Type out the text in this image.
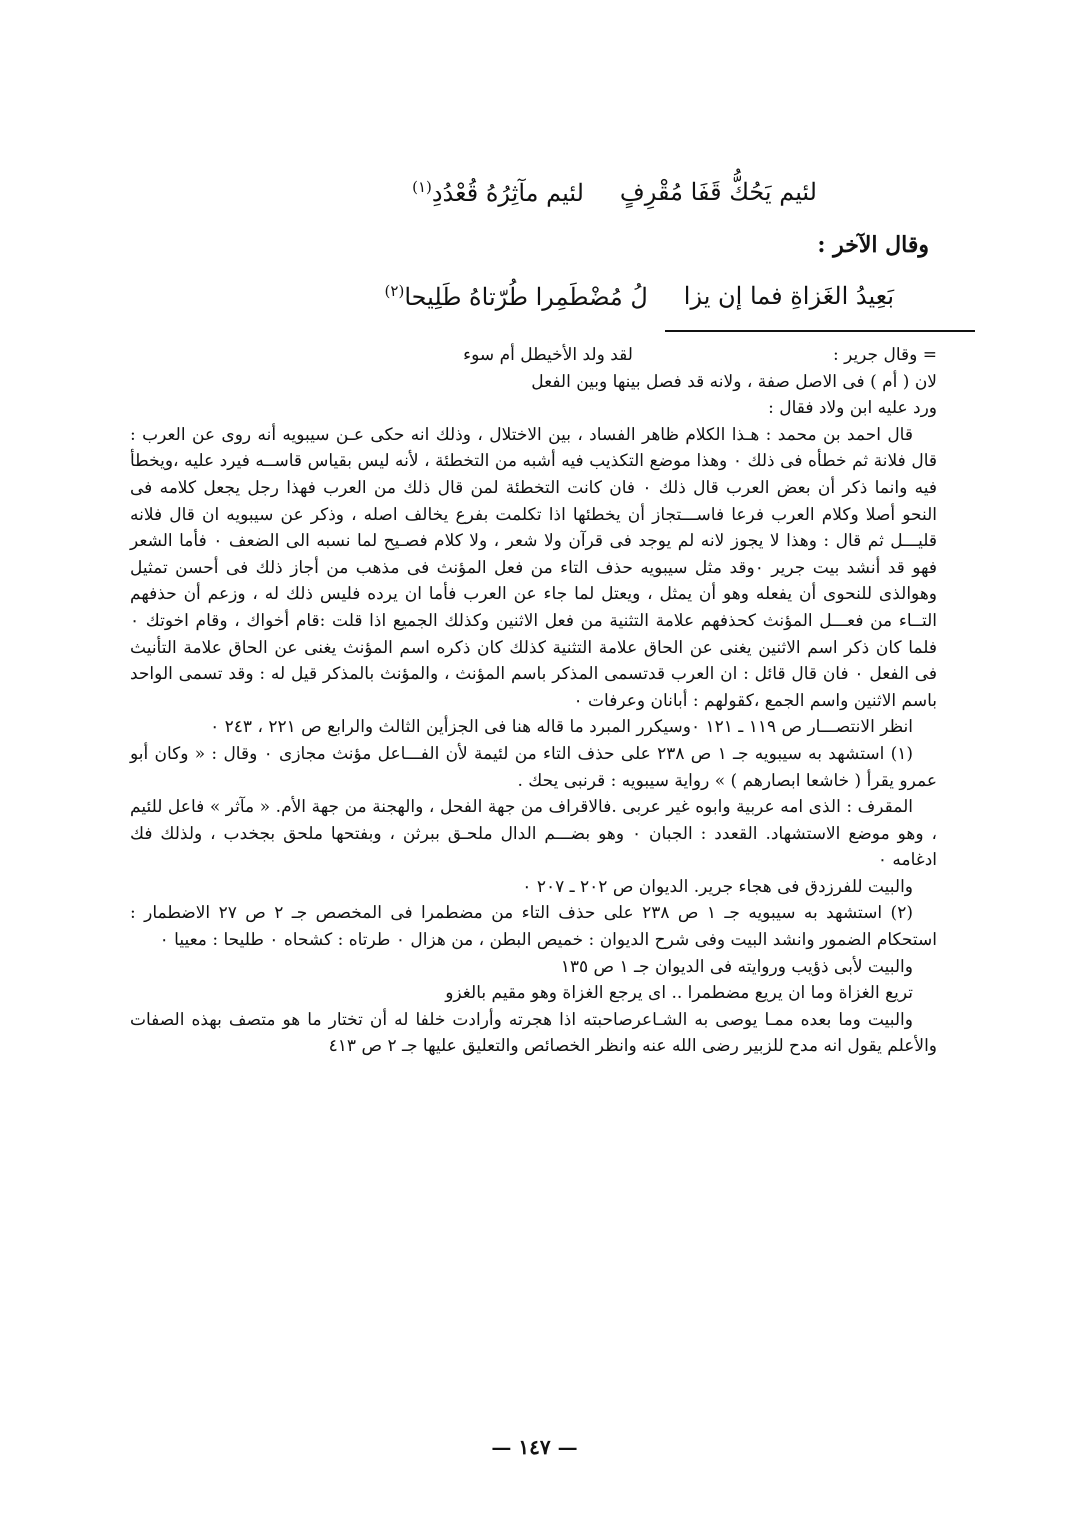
لئيم يَحُكُّ قَفَا مُقْرِفٍ
لئيم مآثِرُهُ قُعْدُدِ$^{(١)}$
وقال الآخر :
بَعِيدُ الغَزاةِ فما إن يزا
لُ مُضْطَمِرا طُرّتاهُ طَلِيحا$^{(٢)}$

= وقال جرير :
لقد ولد الأخيطل أم سوء

لان ( أم ) فى الاصل صفة ، ولانه قد فصل بينها وبين الفعل

ورد عليه ابن ولاد فقال :

قال احمد بن محمد : هـذا الكلام ظاهر الفساد ، بين الاختلال ، وذلك انه حكى عـن سيبويه أنه روى عن العرب : قال فلانة ثم خطأه فى ذلك ٠ وهذا موضع التكذيب فيه أشبه من التخطئة ، لأنه ليس بقياس قاســه فيرد عليه ،ويخطأ فيه وانما ذكر أن بعض العرب قال ذلك ٠ فان كانت التخطئة لمن قال ذلك من العرب فهذا رجل يجعل كلامه فى النحو أصلا وكلام العرب فرعا فاســـتجاز أن يخطئها اذا تكلمت بفرع يخالف اصله ، وذكر عن سيبويه ان قال فلانه قليـــل ثم قال : وهذا لا يجوز لانه لم يوجد فى قرآن ولا شعر ، ولا كلام فصـيح لما نسبه الى الضعف ٠ فأما الشعر فهو قد أنشد بيت جرير ٠وقد مثل سيبويه حذف التاء من فعل المؤنث فى مذهب من أجاز ذلك فى أحسن تمثيل وهوالذى للنحوى أن يفعله وهو أن يمثل ، ويعتل لما جاء عن العرب فأما ان يرده فليس ذلك له ، وزعم أن حذفهم التــاء من فعـــل المؤنث كحذفهم علامة التثنية من فعل الاثنين وكذلك الجميع اذا قلت :قام أخواك ، وقام اخوتك ٠ فلما كان ذكر اسم الاثنين يغنى عن الحاق علامة التثنية كذلك كان ذكره اسم المؤنث يغنى عن الحاق علامة التأنيث فى الفعل ٠ فان قال قائل : ان العرب قدتسمى المذكر باسم المؤنث ، والمؤنث بالمذكر قيل له : وقد تسمى الواحد باسم الاثنين واسم الجمع ،كقولهم : أبانان وعرفات ٠

انظر الانتصـــار ص ١١٩ ـ ١٢١ ٠وسيكرر المبرد ما قاله هنا فى الجزأين الثالث والرابع ص ٢٢١ ، ٢٤٣ ٠

(١) استشهد به سيبويه جـ ١ ص ٢٣٨ على حذف التاء من لئيمة لأن الفـــاعل مؤنث مجازى ٠ وقال : « وكان أبو عمرو يقرأ ( خاشعا ابصارهم ) » رواية سيبويه : قرنبى يحك .

المقرف : الذى امه عربية وابوه غير عربى .فالاقراف من جهة الفحل ، والهجنة من جهة الأم. « مآثر » فاعل للئيم ، وهو موضع الاستشهاد. القعدد : الجبان ٠ وهو بضـــم الدال ملحـق ببرثن ، وبفتحها ملحق بجخدب ، ولذلك فك ادغامه ٠

والبيت للفرزدق فى هجاء جرير. الديوان ص ٢٠٢ ـ ٢٠٧ ٠

(٢) استشهد به سيبويه جـ ١ ص ٢٣٨ على حذف التاء من مضطمرا فى المخصص جـ ٢ ص ٢٧ الاضطمار : استحكام الضمور وانشد البيت وفى شرح الديوان : خميص البطن ، من هزال ٠ طرتاه : كشحاه ٠ طليحا : معييا ٠

والبيت لأبى ذؤيب وروايته فى الديوان جـ ١ ص ١٣٥

تريع الغزاة وما ان يريع مضطمرا .. اى يرجع الغزاة وهو مقيم بالغزو

والبيت وما بعده ممـا يوصى به الشـاعرصاحبته اذا هجرته وأرادت خلفا له أن تختار ما هو متصف بهذه الصفات والأعلم يقول انه مدح للزبير رضى الله عنه وانظر الخصائص والتعليق عليها جـ ٢ ص ٤١٣

— ١٤٧ —
